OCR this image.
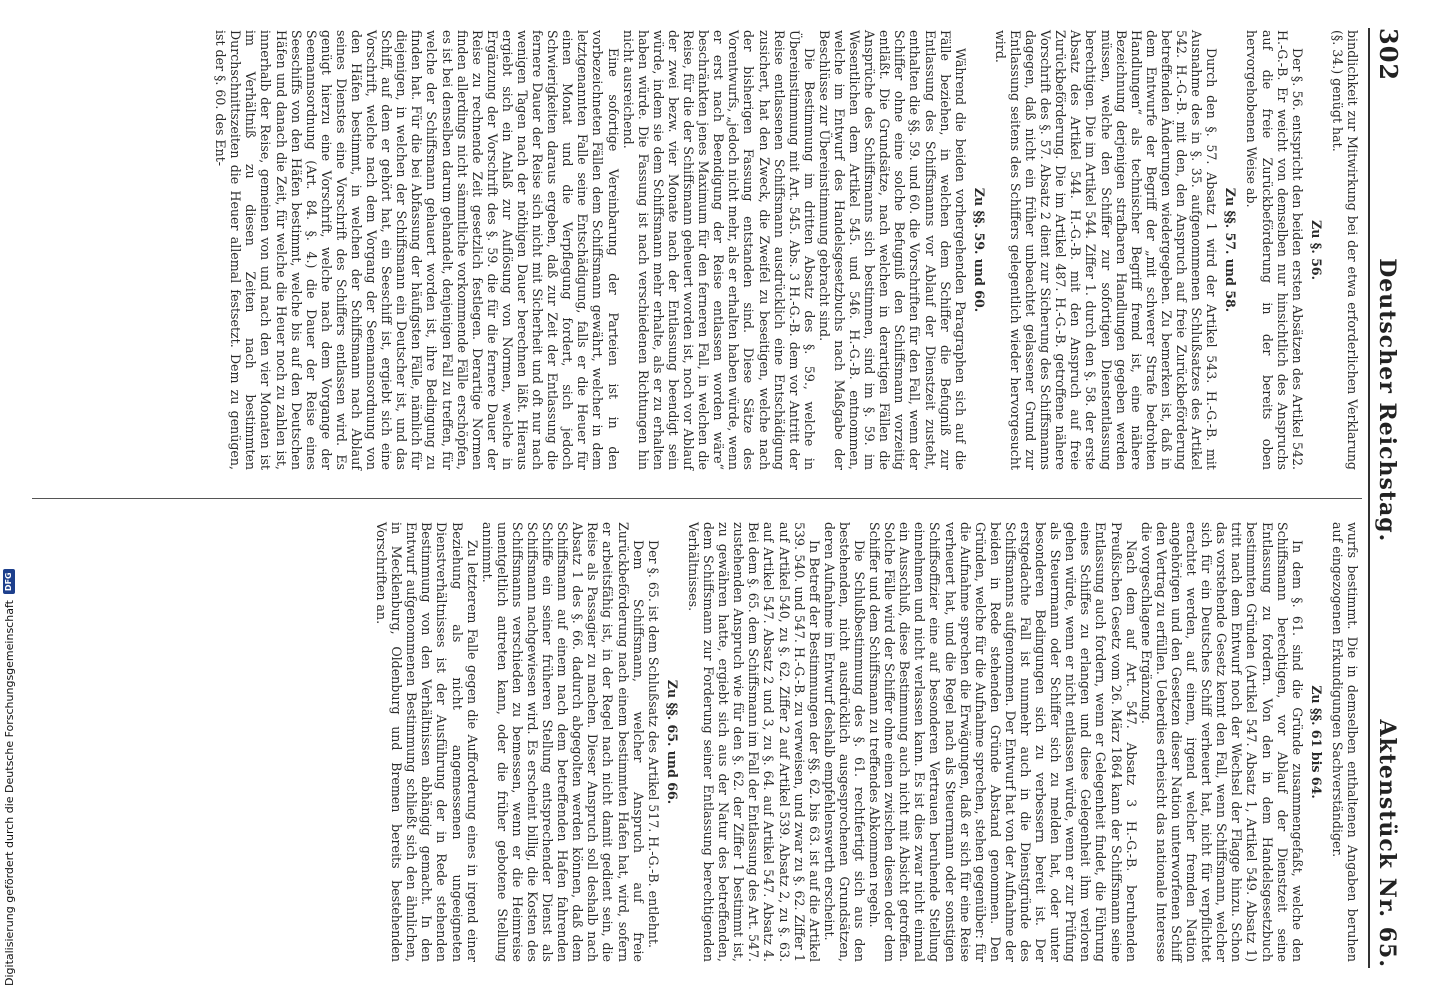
302
Deutscher Reichstag.
Aktenstück Nr. 65.

bindlichkeit zur Mitwirkung bei der etwa erforderlichen Verklarung (§. 34.) genügt hat.

Zu §. 56.

Der §. 56. entspricht den beiden ersten Absätzen des Artikel 542. H.-G.-B. Er weicht von demselben nur hinsichtlich des Anspruchs auf die freie Zurückbeförderung in der bereits oben hervorgehobenen Weise ab.

Zu §§. 57. und 58.

Durch den §. 57. Absatz 1 wird der Artikel 543. H.-G.-B. mit Ausnahme des in §. 35. aufgenommenen Schlußsatzes des Artikel 542. H.-G.-B. mit den, den Anspruch auf freie Zurückbeförderung betreffenden Änderungen wiedergegeben. Zu bemerken ist, daß in dem Entwurfe der Begriff der „mit schwerer Strafe bedrohten Handlungen“ als technischer Begriff fremd ist, eine nähere Bezeichnung derjenigen strafbaren Handlungen gegeben werden müssen, welche den Schiffer zur sofortigen Dienstentlassung berechtigen. Die im Artikel 544. Ziffer 1. durch den §. 58. der erste Absatz des Artikel 544. H.-G.-B. mit den Anspruch auf freie Zurückbeförderung. Die im Artikel 487. H.-G.-B. getroffene nähere Vorschrift des §. 57. Absatz 2 dient zur Sicherung des Schiffsmanns dagegen, daß nicht ein früher unbeachtet gelassener Grund zur Entlassung seitens des Schiffers gelegentlich wieder hervorgesucht wird.

Zu §§. 59. und 60.

Während die beiden vorhergehenden Paragraphen sich auf die Fälle beziehen, in welchen dem Schiffer die Befugniß zur Entlassung des Schiffsmanns vor Ablauf der Dienstzeit zusteht, enthalten die §§. 59. und 60. die Vorschriften für den Fall, wenn der Schiffer ohne eine solche Befugniß den Schiffsmann vorzeitig entläßt. Die Grundsätze, nach welchen in derartigen Fällen die Ansprüche des Schiffsmanns sich bestimmen, sind im §. 59. im Wesentlichen dem Artikel 545. und 546. H.-G.-B. entnommen, welche im Entwurf des Handelsgesetzbuchs nach Maßgabe der Beschlüsse zur Übereinstimmung gebracht sind.

Die Bestimmung im dritten Absatz des §. 59., welche in Übereinstimmung mit Art. 545. Abs. 3 H.-G.-B. dem vor Antritt der Reise entlassenen Schiffsmann ausdrücklich eine Entschädigung zusichert, hat den Zweck, die Zweifel zu beseitigen, welche nach der bisherigen Fassung entstanden sind. Diese Sätze des Vorentwurfs, „jedoch nicht mehr, als er erhalten haben würde, wenn er erst nach Beendigung der Reise entlassen worden wäre“ beschränkten jenes Maximum für den ferneren Fall, in welchen die Reise, für die der Schiffsmann geheuert worden ist, noch vor Ablauf der zwei bezw. vier Monate nach der Entlassung beendigt sein würde, indem sie dem Schiffsmann mehr erhalte, als er zu erhalten haben würde. Die Fassung ist nach verschiedenen Richtungen hin nicht ausreichend.

Eine sofortige Vereinbarung der Parteien ist in den vorbezeichneten Fällen dem Schiffsmann gewährt, welcher in dem letztgenannten Falle seine Entschädigung, falls er die Heuer für einen Monat und die Verpflegung fordert, sich jedoch Schwierigkeiten daraus ergeben, daß zur Zeit der Entlassung die fernere Dauer der Reise sich nicht mit Sicherheit und oft nur nach wenigen Tagen nach der nöthigen Dauer berechnen läßt. Hieraus ergiebt sich ein Anlaß zur Auflösung von Normen, welche in Ergänzung der Vorschrift des §. 59. die für die fernere Dauer der Reise zu rechnende Zeit gesetzlich festlegen. Derartige Normen finden allerdings nicht sämmtliche vorkommende Fälle erschöpfen, es ist bei denselben darum gehandelt, denjenigen Fall zu treffen, für welche der Schiffsmann gehauert worden ist, ihre Bedingung zu finden hat. Für die bei Abfassung der häufigsten Fälle, nämlich für diejenigen, in welchen der Schiffsmann ein Deutscher ist, und das Schiff, auf dem er gehört hat, ein Seeschiff ist, ergiebt sich eine Vorschrift, welche nach dem Vorgang der Seemannsordnung von den Häfen bestimmt, in welchen der Schiffsmann nach Ablauf seines Dienstes eine Vorschrift des Schiffers entlassen wird. Es genügt hierzu eine Vorschrift, welche nach dem Vorgange der Seemannsordnung (Art. 84. §. 4.) die Dauer der Reise eines Seeschiffs von den Häfen bestimmt, welche bis auf den Deutschen Häfen und danach die Zeit, für welche die Heuer noch zu zahlen ist, innerhalb der Reise, gemeinen von und nach den vier Monaten ist im Verhältniß zu diesen Zeiten nach bestimmten Durchschnittszeiten die Heuer allemal festsetzt. Dem zu genügen, ist der §. 60. des Ent-

wurfs bestimmt. Die in demselben enthaltenen Angaben beruhen auf eingezogenen Erkundigungen Sachverständiger.

Zu §§. 61 bis 64.

In dem §. 61. sind die Gründe zusammengefaßt, welche den Schiffsmann berechtigen, vor Ablauf der Dienstzeit seine Entlassung zu fordern. Von den in dem Handelsgesetzbuch bestimmten Gründen (Artikel 547. Absatz 1, Artikel 549. Absatz 1) tritt nach dem Entwurf noch der Wechsel der Flagge hinzu. Schon das vorstehende Gesetz kennt den Fall, wenn Schiffsmann, welcher sich für ein Deutsches Schiff verheuert hat, nicht für verpflichtet erachtet werden, auf einem, irgend welcher fremden Nation angehörigen und den Gesetzen dieser Nation unterworfenen Schiff den Vertrag zu erfüllen. Ueberdies erheischt das nationale Interesse die vorgeschlagene Ergänzung.

Nach dem auf Art. 547. Absatz 3 H.-G.-B. beruhenden Preußischen Gesetz vom 26. März 1864 kann der Schiffsmann seine Entlassung auch fordern, wenn er Gelegenheit findet, die Führung eines Schiffes zu erlangen und diese Gelegenheit ihm verloren gehen würde, wenn er nicht entlassen würde, wenn er zur Prüfung als Steuermann oder Schiffer sich zu melden hat, oder unter besonderen Bedingungen sich zu verbessern bereit ist. Der erstgedachte Fall ist nunmehr auch in die Dienstgründe des Schiffsmanns aufgenommen. Der Entwurf hat von der Aufnahme der beiden in Rede stehenden Gründe Abstand genommen. Den Gründen, welche für die Aufnahme sprechen, stehen gegenüber: für die Aufnahme sprechen die Erwägungen, daß er sich für eine Reise verheuert hat, und die Regel nach als Steuermann oder sonstigen Schiffsoffizier eine auf besonderen Vertrauen beruhende Stellung einnehmen und nicht verlassen kann. Es ist dies zwar nicht einmal ein Ausschluß, diese Bestimmung auch nicht mit Absicht getroffen. Solche Fälle wird der Schiffer ohne einen zwischen diesen oder dem Schiffer und dem Schiffsmann zu treffendes Abkommen regeln.

Die Schlußbestimmung des §. 61. rechtfertigt sich aus den bestehenden, nicht ausdrücklich ausgesprochenen Grundsätzen, deren Aufnahme im Entwurf deshalb empfehlenswerth erscheint.

In Betreff der Bestimmungen der §§. 62. bis 63. ist auf die Artikel 539. 540. und 547. H.-G.-B. zu verweisen, und zwar zu §. 62. Ziffer 1 auf Artikel 540, zu §. 62. Ziffer 2 auf Artikel 539. Absatz 2, zu §. 63. auf Artikel 547. Absatz 2 und 3, zu §. 64. auf Artikel 547. Absatz 4. Bei dem §. 65. dem Schiffsmann im Fall der Entlassung des Art. 547. zustehenden Anspruch wie für den §. 62. der Ziffer 1 bestimmt ist, zu gewähren hatte, ergiebt sich aus der Natur des betreffenden, dem Schiffsmann zur Forderung seiner Entlassung berechtigenden Verhältnisses.

Zu §§. 65. und 66.

Der §. 65. ist dem Schlußsatz des Artikel 517. H.-G.-B. entlehnt.

Dem Schiffsmann, welcher Anspruch auf freie Zurückbeförderung nach einem bestimmten Hafen hat, wird, sofern er arbeitsfähig ist, in der Regel nach nicht damit gedient sein, die Reise als Passagier zu machen. Dieser Anspruch soll deshalb nach Absatz 1 des §. 66. dadurch abgegolten werden können, daß dem Schiffsmann auf einem nach dem betreffenden Hafen fahrenden Schiffe ein seiner früheren Stellung entsprechender Dienst als Schiffsmann nachgewiesen wird. Es erscheint billig, die Kosten des Schiffsmanns verschieden zu bemessen, wenn er die Heimreise unentgeltlich antreten kann, oder die früher gebotene Stellung annimmt.

Zu letzterem Falle gegen die Aufforderung eines in irgend einer Beziehung als nicht angemessenen ungeeigneten Dienstverhältnisses ist der Ausführung der in Rede stehenden Bestimmung von den Verhältnissen abhängig gemacht. In den Entwurf aufgenommenen Bestimmung schließt sich den ähnlichen, in Mecklenburg, Oldenburg und Bremen bereits bestehenden Vorschriften an.

Digitalisierung gefördert durch die Deutsche Forschungsgemeinschaft
DFG
